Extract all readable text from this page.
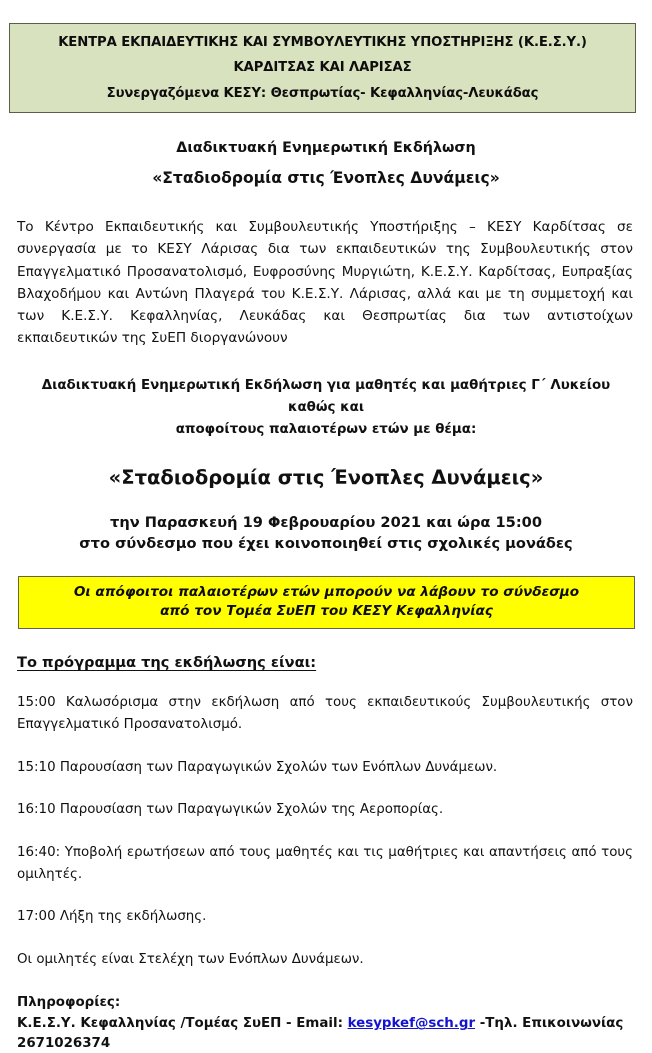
ΚΕΝΤΡΑ ΕΚΠΑΙΔΕΥΤΙΚΗΣ ΚΑΙ ΣΥΜΒΟΥΛΕΥΤΙΚΗΣ ΥΠΟΣΤΗΡΙΞΗΣ (Κ.Ε.Σ.Υ.)
ΚΑΡΔΙΤΣΑΣ ΚΑΙ ΛΑΡΙΣΑΣ
Συνεργαζόμενα ΚΕΣΥ: Θεσπρωτίας- Κεφαλληνίας-Λευκάδας
Διαδικτυακή Ενημερωτική Εκδήλωση
«Σταδιοδρομία στις Ένοπλες Δυνάμεις»
Το Κέντρο Εκπαιδευτικής και Συμβουλευτικής Υποστήριξης – ΚΕΣΥ Καρδίτσας σε συνεργασία με το ΚΕΣΥ Λάρισας δια των εκπαιδευτικών της Συμβουλευτικής στον Επαγγελματικό Προσανατολισμό, Ευφροσύνης Μυργιώτη, Κ.Ε.Σ.Υ. Καρδίτσας, Ευπραξίας Βλαχοδήμου και Αντώνη Πλαγερά του Κ.Ε.Σ.Υ. Λάρισας, αλλά και με τη συμμετοχή και των Κ.Ε.Σ.Υ. Κεφαλληνίας, Λευκάδας και Θεσπρωτίας δια των αντιστοίχων εκπαιδευτικών της ΣυΕΠ διοργανώνουν
Διαδικτυακή Ενημερωτική Εκδήλωση για μαθητές και μαθήτριες Γ΄ Λυκείου καθώς και
αποφοίτους παλαιοτέρων ετών με θέμα:
«Σταδιοδρομία στις Ένοπλες Δυνάμεις»
την Παρασκευή 19 Φεβρουαρίου 2021 και ώρα 15:00
στο σύνδεσμο που έχει κοινοποιηθεί στις σχολικές μονάδες
Οι απόφοιτοι παλαιοτέρων ετών μπορούν να λάβουν το σύνδεσμο
από τον Τομέα ΣυΕΠ του ΚΕΣΥ Κεφαλληνίας
Το πρόγραμμα της εκδήλωσης είναι:
15:00 Καλωσόρισμα στην εκδήλωση από τους εκπαιδευτικούς Συμβουλευτικής στον Επαγγελματικό Προσανατολισμό.
15:10 Παρουσίαση των Παραγωγικών Σχολών των Ενόπλων Δυνάμεων.
16:10 Παρουσίαση των Παραγωγικών Σχολών της Αεροπορίας.
16:40: Υποβολή ερωτήσεων από τους μαθητές και τις μαθήτριες και απαντήσεις από τους ομιλητές.
17:00 Λήξη της εκδήλωσης.
Οι ομιλητές είναι Στελέχη των Ενόπλων Δυνάμεων.
Πληροφορίες:
Κ.Ε.Σ.Υ. Κεφαλληνίας /Τομέας ΣυΕΠ - Email: kesypkef@sch.gr -Τηλ. Επικοινωνίας 2671026374
